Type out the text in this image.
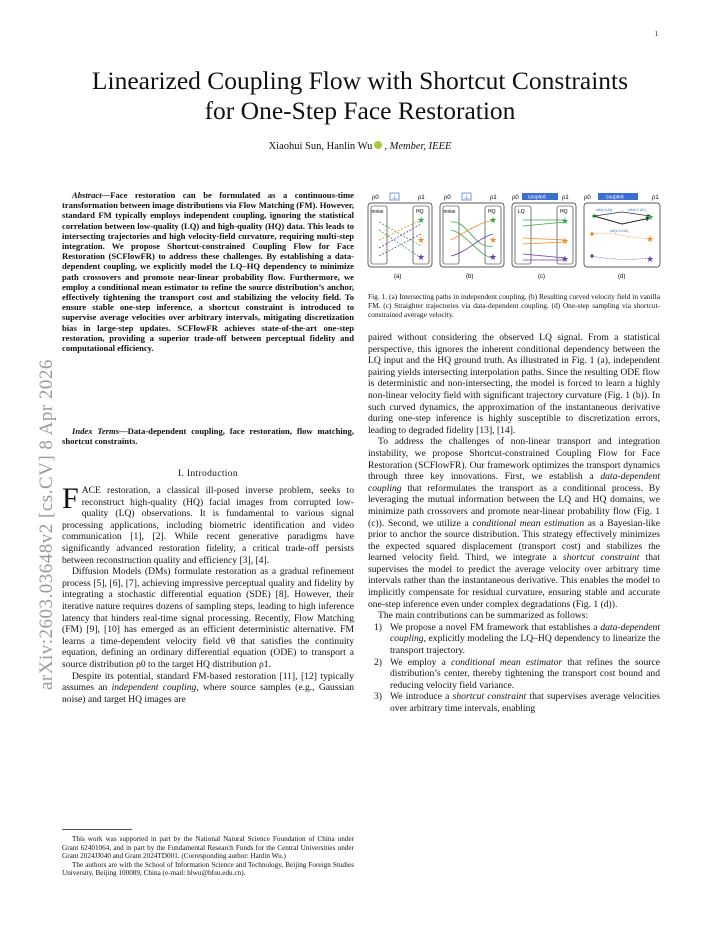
1
arXiv:2603.03648v2 [cs.CV] 8 Apr 2026
Linearized Coupling Flow with Shortcut Constraints
for One-Step Face Restoration
Xiaohui Sun, Hanlin Wu , Member, IEEE

Abstract—Face restoration can be formulated as a continuous-time transformation between image distributions via Flow Matching (FM). However, standard FM typically employs independent coupling, ignoring the statistical correlation between low-quality (LQ) and high-quality (HQ) data. This leads to intersecting trajectories and high velocity-field curvature, requiring multi-step integration. We propose Shortcut-constrained Coupling Flow for Face Restoration (SCFlowFR) to address these challenges. By establishing a data-dependent coupling, we explicitly model the LQ–HQ dependency to minimize path crossovers and promote near-linear probability flow. Furthermore, we employ a conditional mean estimator to refine the source distribution’s anchor, effectively tightening the transport cost and stabilizing the velocity field. To ensure stable one-step inference, a shortcut constraint is introduced to supervise average velocities over arbitrary intervals, mitigating discretization bias in large-step updates. SCFlowFR achieves state-of-the-art one-step restoration, providing a superior trade-off between perceptual fidelity and computational efficiency.

Index Terms—Data-dependent coupling, face restoration, flow matching, shortcut constraints.

I. Introduction

FACE restoration, a classical ill-posed inverse problem, seeks to reconstruct high-quality (HQ) facial images from corrupted low-quality (LQ) observations. It is fundamental to various signal processing applications, including biometric identification and video communication [1], [2]. While recent generative paradigms have significantly advanced restoration fidelity, a critical trade-off persists between reconstruction quality and efficiency [3], [4].

Diffusion Models (DMs) formulate restoration as a gradual refinement process [5], [6], [7], achieving impressive perceptual quality and fidelity by integrating a stochastic differential equation (SDE) [8]. However, their iterative nature requires dozens of sampling steps, leading to high inference latency that hinders real-time signal processing. Recently, Flow Matching (FM) [9], [10] has emerged as an efficient deterministic alternative. FM learns a time-dependent velocity field vθ that satisfies the continuity equation, defining an ordinary differential equation (ODE) to transport a source distribution ρ0 to the target HQ distribution ρ1.

Despite its potential, standard FM-based restoration [11], [12] typically assumes an independent coupling, where source samples (e.g., Gaussian noise) and target HQ images are

This work was supported in part by the National Natural Science Foundation of China under Grant 62401064, and in part by the Fundamental Research Funds for the Central Universities under Grant 2024JJ040 and Grant 2024TD001. (Corresponding author: Hanlin Wu.)

The authors are with the School of Information Science and Technology, Beijing Foreign Studies University, Beijing 100089, China (e-mail: hlwu@bfsu.edu.cn).

ρ0 ⊥	ρ1
noise	HQ
★
★
★
(a)
ρ0 ⊥	ρ1
noise	HQ
★
★
★
(b)
ρ0 coupled	ρ1
LQ	HQ
★
★
★
(c)
ρ0	coupled	ρ1
uθ(x,t,Δt)	uθ(x,t',Δt')
uθ(x,t,2Δt)
★
★
★
(d)
Fig. 1. (a) Intersecting paths in independent coupling. (b) Resulting curved velocity field in vanilla FM. (c) Straighter trajectories via data-dependent coupling. (d) One-step sampling via shortcut-constrained average velocity.

paired without considering the observed LQ signal. From a statistical perspective, this ignores the inherent conditional dependency between the LQ input and the HQ ground truth. As illustrated in Fig. 1 (a), independent pairing yields intersecting interpolation paths. Since the resulting ODE flow is deterministic and non-intersecting, the model is forced to learn a highly non-linear velocity field with significant trajectory curvature (Fig. 1 (b)). In such curved dynamics, the approximation of the instantaneous derivative during one-step inference is highly susceptible to discretization errors, leading to degraded fidelity [13], [14].

To address the challenges of non-linear transport and integration instability, we propose Shortcut-constrained Coupling Flow for Face Restoration (SCFlowFR). Our framework optimizes the transport dynamics through three key innovations. First, we establish a data-dependent coupling that reformulates the transport as a conditional process. By leveraging the mutual information between the LQ and HQ domains, we minimize path crossovers and promote near-linear probability flow (Fig. 1 (c)). Second, we utilize a conditional mean estimation as a Bayesian-like prior to anchor the source distribution. This strategy effectively minimizes the expected squared displacement (transport cost) and stabilizes the learned velocity field. Third, we integrate a shortcut constraint that supervises the model to predict the average velocity over arbitrary time intervals rather than the instantaneous derivative. This enables the model to implicitly compensate for residual curvature, ensuring stable and accurate one-step inference even under complex degradations (Fig. 1 (d)).

The main contributions can be summarized as follows:

1) We propose a novel FM framework that establishes a data-dependent coupling, explicitly modeling the LQ–HQ dependency to linearize the transport trajectory.
2) We employ a conditional mean estimator that refines the source distribution’s center, thereby tightening the transport cost bound and reducing velocity field variance.
3) We introduce a shortcut constraint that supervises average velocities over arbitrary time intervals, enabling
